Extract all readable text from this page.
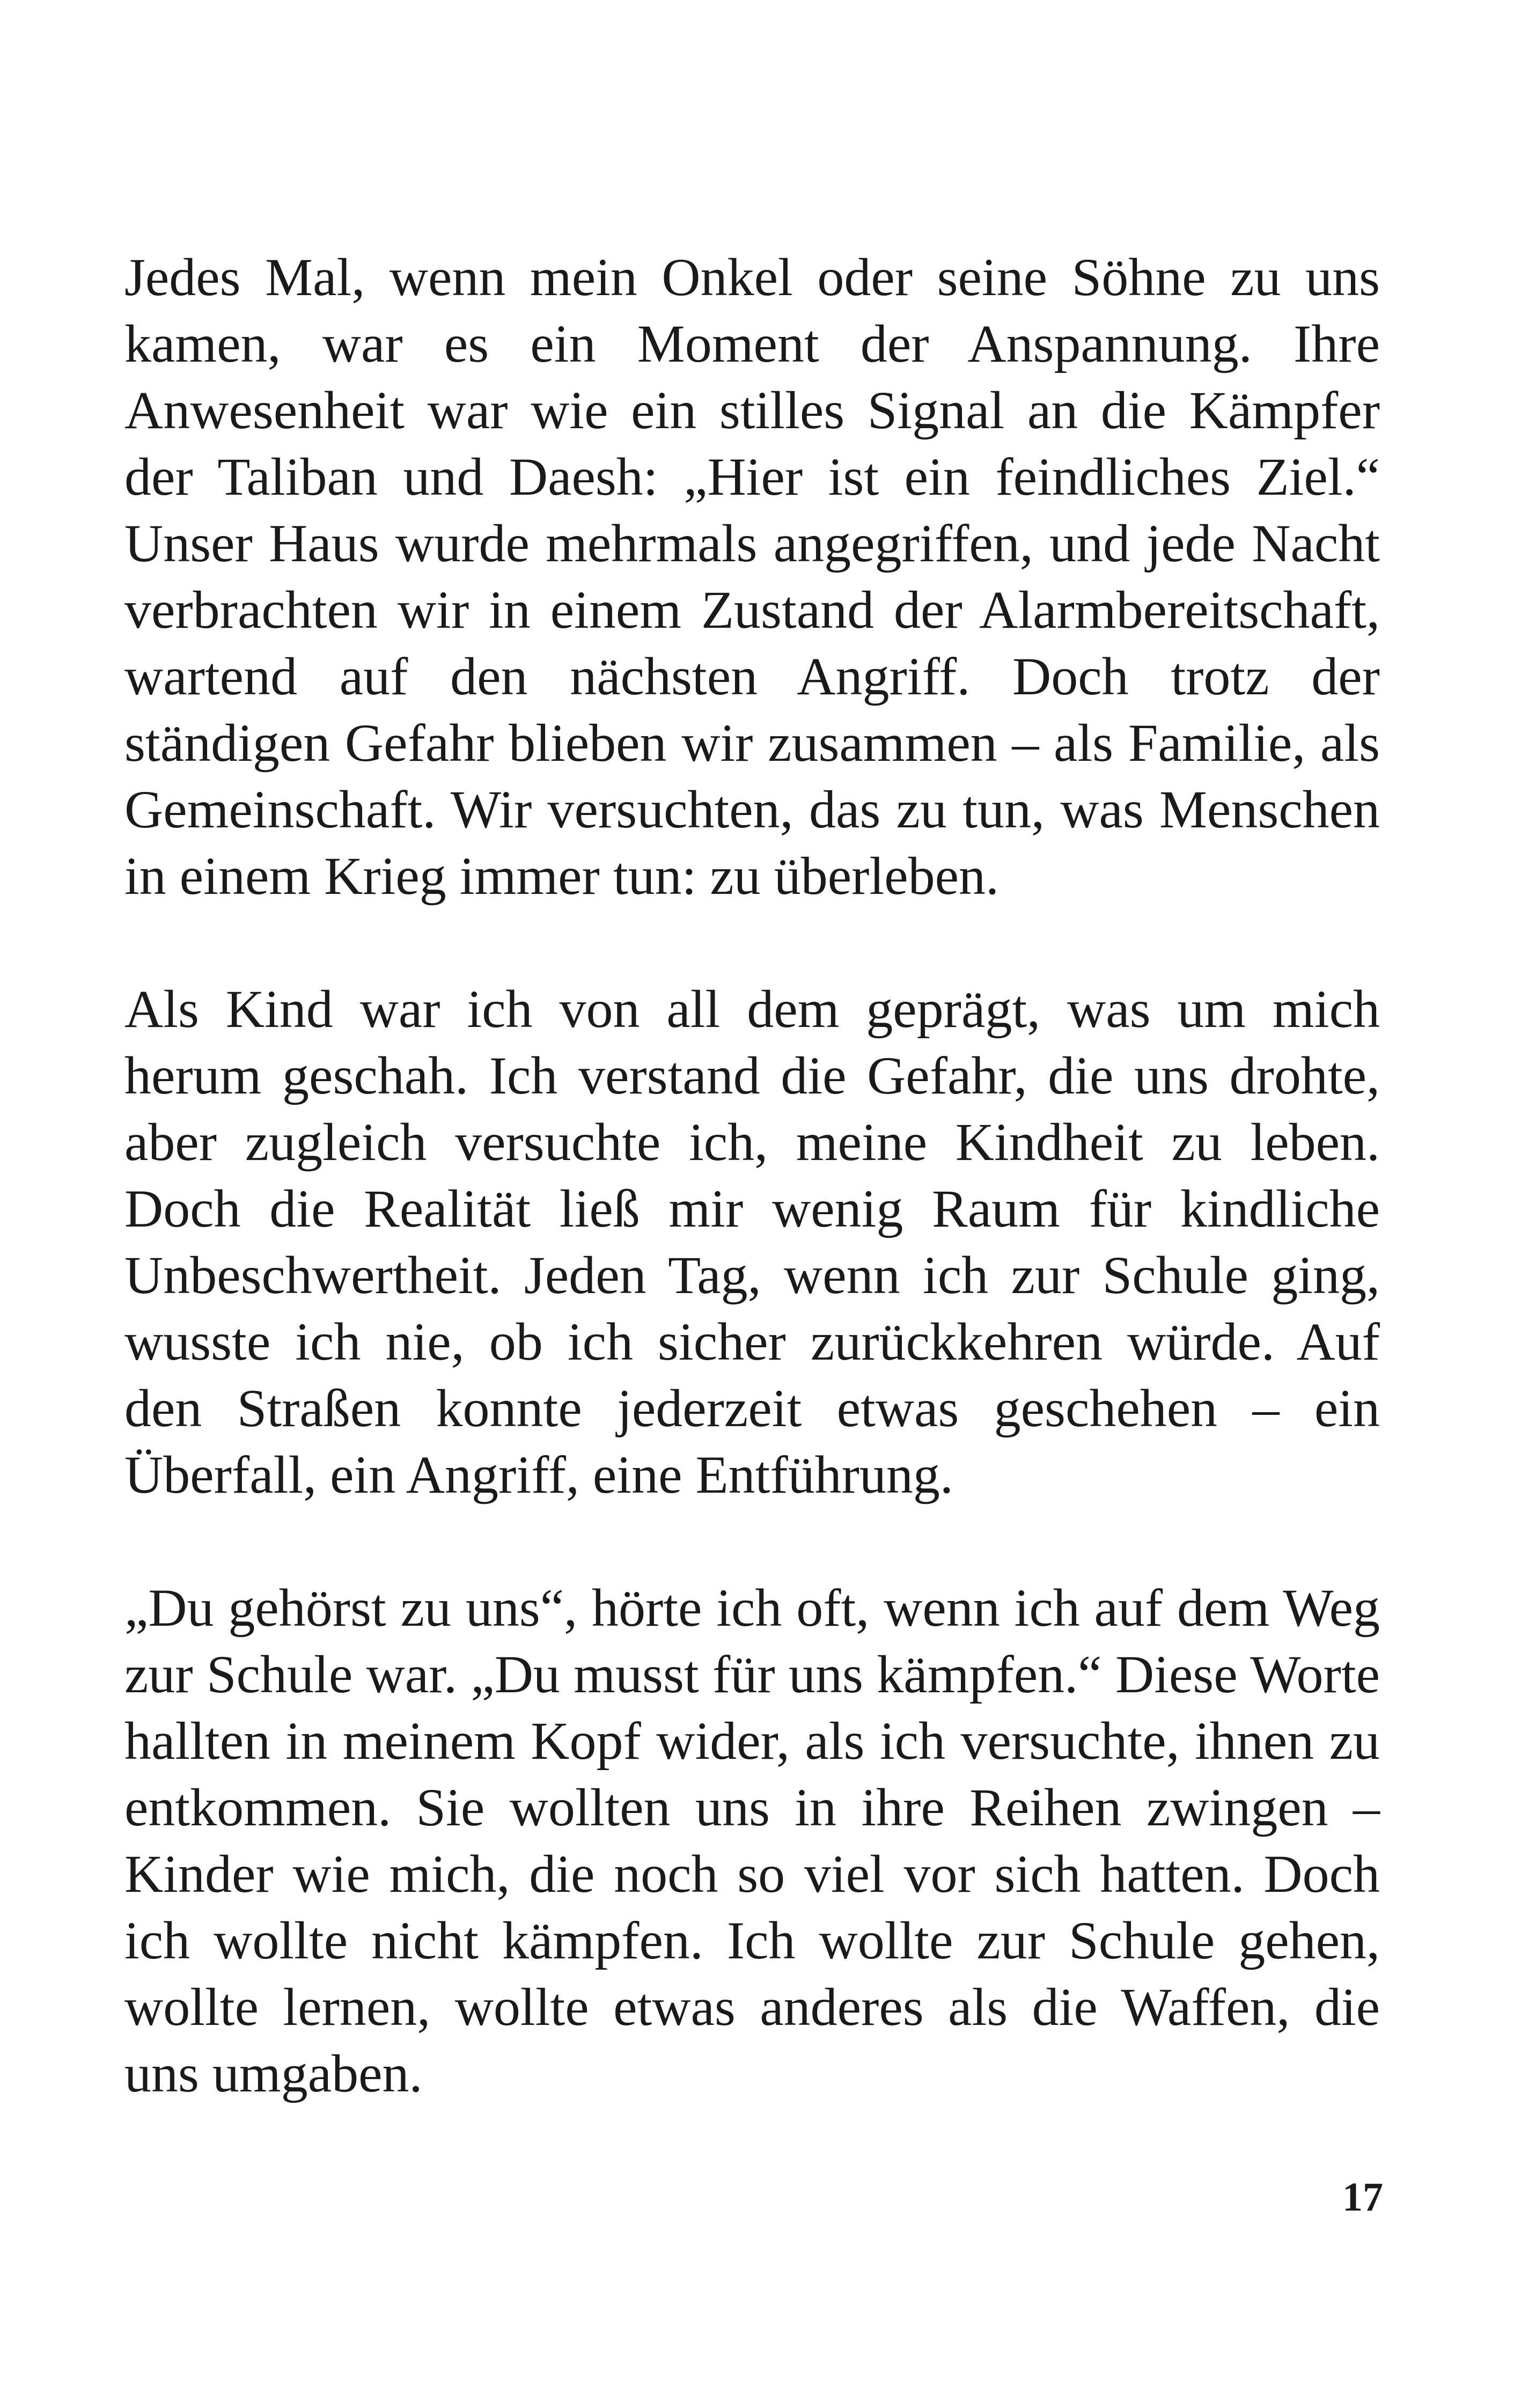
Jedes Mal, wenn mein Onkel oder seine Söhne zu uns kamen, war es ein Moment der Anspannung. Ihre Anwesenheit war wie ein stilles Signal an die Kämpfer der Taliban und Daesh: „Hier ist ein feindliches Ziel.“ Unser Haus wurde mehrmals angegriffen, und jede Nacht verbrachten wir in einem Zustand der Alarmbereitschaft, wartend auf den nächsten Angriff. Doch trotz der ständigen Gefahr blieben wir zusammen – als Familie, als Gemeinschaft. Wir versuchten, das zu tun, was Menschen in einem Krieg immer tun: zu überleben.

Als Kind war ich von all dem geprägt, was um mich herum geschah. Ich verstand die Gefahr, die uns drohte, aber zugleich versuchte ich, meine Kindheit zu leben. Doch die Realität ließ mir wenig Raum für kindliche Unbeschwertheit. Jeden Tag, wenn ich zur Schule ging, wusste ich nie, ob ich sicher zurückkehren würde. Auf den Straßen konnte jederzeit etwas geschehen – ein Überfall, ein Angriff, eine Entführung.

„Du gehörst zu uns“, hörte ich oft, wenn ich auf dem Weg zur Schule war. „Du musst für uns kämpfen.“ Diese Worte hallten in meinem Kopf wider, als ich versuchte, ihnen zu entkommen. Sie wollten uns in ihre Reihen zwingen – Kinder wie mich, die noch so viel vor sich hatten. Doch ich wollte nicht kämpfen. Ich wollte zur Schule gehen, wollte lernen, wollte etwas anderes als die Waffen, die uns umgaben.

17
